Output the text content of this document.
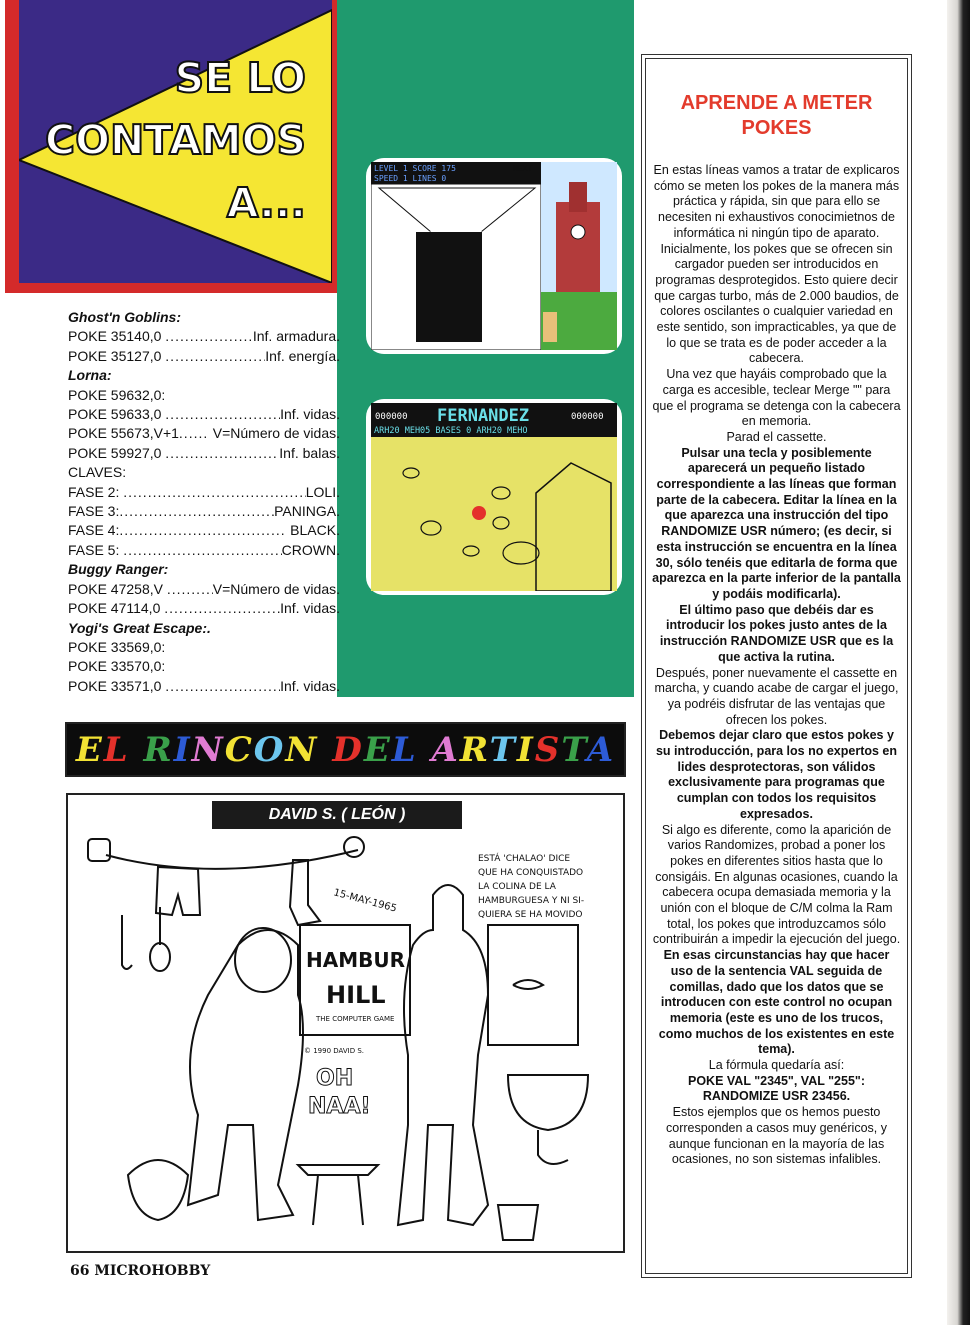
SE LO
CONTAMOS
A...
LEVEL 1 SCORE 175
SPEED 1 LINES 0
NEXT
000000 FERNANDEZ	000000
ARH20 MEH05 BASES 0 ARH20 MEHO
Ghost'n Goblins:
POKE 35140,0 .....	Inf. armadura.
POKE 35127,0 .....	Inf. energía.
Lorna:
POKE 59632,0:
POKE 59633,0 .....	Inf. vidas.
POKE 55673,V+1 ..... V=Número de vidas.
POKE 59927,0 .....	Inf. balas.
CLAVES:
FASE 2: .....	LOLI.
FASE 3: .....	PANINGA.
FASE 4: .....	BLACK.
FASE 5: .....	CROWN.
Buggy Ranger:
POKE 47258,V .....	V=Número de vidas.
POKE 47114,0 .....	Inf. vidas.
Yogi's Great Escape:.
POKE 33569,0:
POKE 33570,0:
POKE 33571,0 .....	Inf. vidas.
APRENDE A METER
POKES

En estas líneas vamos a tratar de explicaros cómo se meten los pokes de la manera más práctica y rápida, sin que para ello se necesiten ni exhaustivos conocimietnos de informática ni ningún tipo de aparato. Inicialmente, los pokes que se ofrecen sin cargador pueden ser introducidos en programas desprotegidos. Esto quiere decir que cargas turbo, más de 2.000 baudios, de colores oscilantes o cualquier variedad en este sentido, son impracticables, ya que de lo que se trata es de poder acceder a la cabecera.

Una vez que hayáis comprobado que la carga es accesible, teclear Merge "" para que el programa se detenga con la cabecera en memoria.

Parad el cassette.

Pulsar una tecla y posiblemente aparecerá un pequeño listado correspondiente a las líneas que forman parte de la cabecera. Editar la línea en la que aparezca una instrucción del tipo RANDOMIZE USR número; (es decir, si esta instrucción se encuentra en la línea 30, sólo tenéis que editarla de forma que aparezca en la parte inferior de la pantalla y podáis modificarla).

El último paso que debéis dar es introducir los pokes justo antes de la instrucción RANDOMIZE USR que es la que activa la rutina.

Después, poner nuevamente el cassette en marcha, y cuando acabe de cargar el juego, ya podréis disfrutar de las ventajas que ofrecen los pokes.

Debemos dejar claro que estos pokes y su introducción, para los no expertos en lides desprotectoras, son válidos exclusivamente para programas que cumplan con todos los requisitos expresados.

Si algo es diferente, como la aparición de varios Randomizes, probad a poner los pokes en diferentes sitios hasta que lo consigáis. En algunas ocasiones, cuando la cabecera ocupa demasiada memoria y la unión con el bloque de C/M colma la Ram total, los pokes que introduzcamos sólo contribuirán a impedir la ejecución del juego.

En esas circunstancias hay que hacer uso de la sentencia VAL seguida de comillas, dado que los datos que se introducen con este control no ocupan memoria (este es uno de los trucos, como muchos de los existentes en este tema).

La fórmula quedaría así:

POKE VAL "2345", VAL "255": RANDOMIZE USR 23456.

Estos ejemplos que os hemos puesto corresponden a casos muy genéricos, y aunque funcionan en la mayoría de las ocasiones, no son sistemas infalibles.

EL RINCON DEL ARTISTA
DAVID S. ( LEÓN )
15-MAY-1965
ESTÁ 'CHALAO' DICE
QUE HA CONQUISTADO
LA COLINA DE LA
HAMBURGUESA Y NI SI-
QUIERA SE HA MOVIDO
HAMBUR
HILL
THE COMPUTER GAME
© 1990 DAVID S.
OH
NAA!
66 MICROHOBBY
